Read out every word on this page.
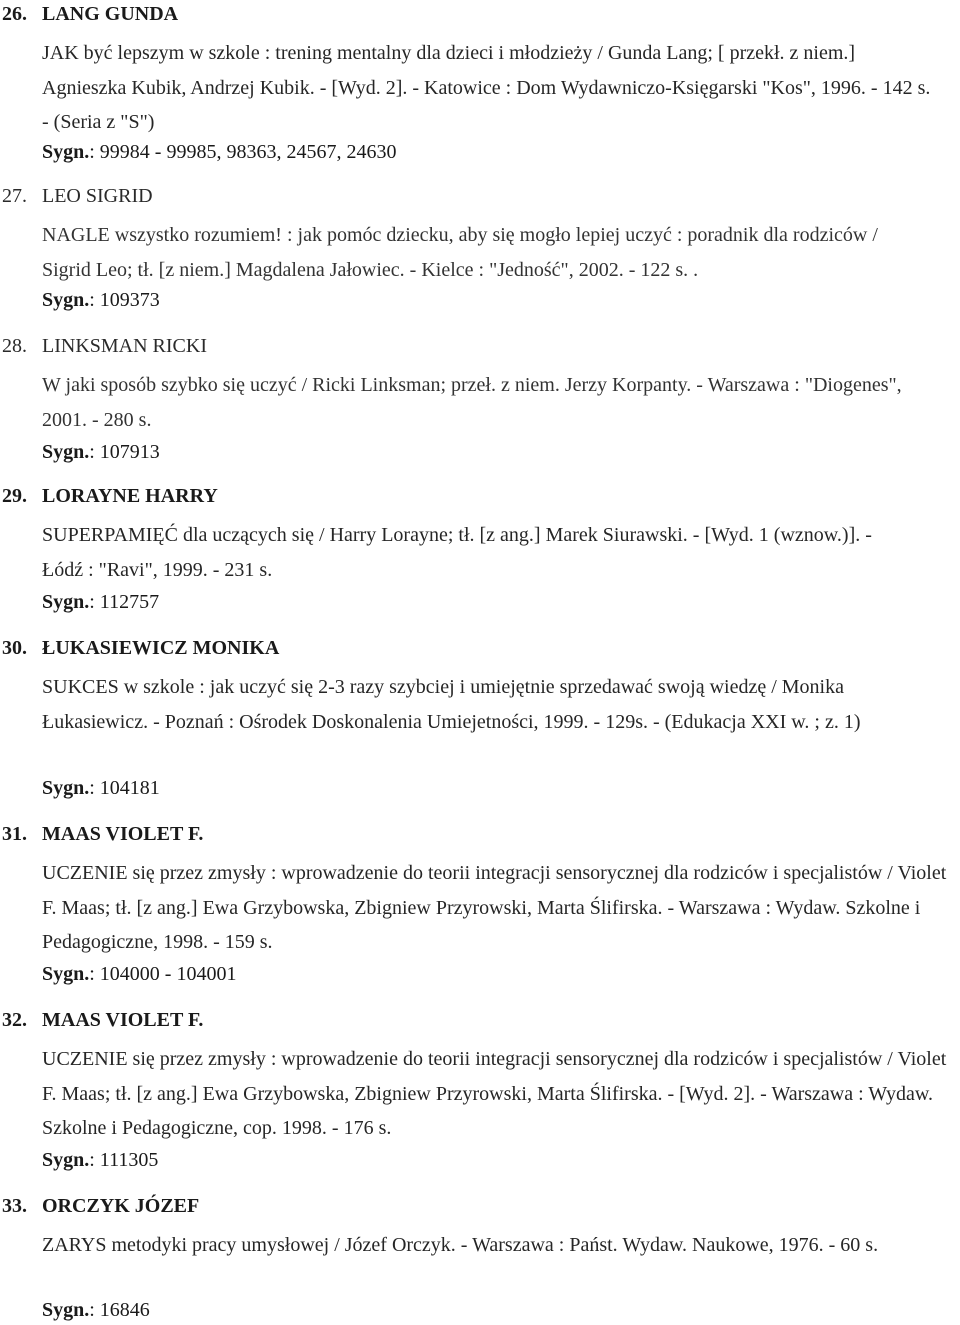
26. LANG GUNDA
JAK być lepszym w szkole : trening mentalny dla dzieci i młodzieży / Gunda Lang; [ przekł. z niem.] Agnieszka Kubik, Andrzej Kubik. - [Wyd. 2]. - Katowice : Dom Wydawniczo-Księgarski "Kos", 1996. - 142 s. - (Seria z "S")
Sygn.: 99984 - 99985, 98363, 24567, 24630
27. LEO SIGRID
NAGLE wszystko rozumiem! : jak pomóc dziecku, aby się mogło lepiej uczyć : poradnik dla rodziców / Sigrid Leo; tł. [z niem.] Magdalena Jałowiec. - Kielce : "Jedność", 2002. - 122 s. .
Sygn.: 109373
28. LINKSMAN RICKI
W jaki sposób szybko się uczyć / Ricki Linksman; przeł. z niem. Jerzy Korpanty. - Warszawa : "Diogenes", 2001. - 280 s.
Sygn.: 107913
29. LORAYNE HARRY
SUPERPAMIĘĆ dla uczących się / Harry Lorayne; tł. [z ang.] Marek Siurawski. - [Wyd. 1 (wznow.)]. - Łódź : "Ravi", 1999. - 231 s.
Sygn.: 112757
30. ŁUKASIEWICZ MONIKA
SUKCES w szkole : jak uczyć się 2-3 razy szybciej i umiejętnie sprzedawać swoją wiedzę / Monika Łukasiewicz. - Poznań : Ośrodek Doskonalenia Umiejetności, 1999. - 129s. - (Edukacja XXI w. ; z. 1)
Sygn.: 104181
31. MAAS VIOLET F.
UCZENIE się przez zmysły : wprowadzenie do teorii integracji sensorycznej dla rodziców i specjalistów / Violet F. Maas; tł. [z ang.] Ewa Grzybowska, Zbigniew Przyrowski, Marta Ślifirska. - Warszawa : Wydaw. Szkolne i Pedagogiczne, 1998. - 159 s.
Sygn.: 104000 - 104001
32. MAAS VIOLET F.
UCZENIE się przez zmysły : wprowadzenie do teorii integracji sensorycznej dla rodziców i specjalistów / Violet F. Maas; tł. [z ang.] Ewa Grzybowska, Zbigniew Przyrowski, Marta Ślifirska. - [Wyd. 2]. - Warszawa : Wydaw. Szkolne i Pedagogiczne, cop. 1998. - 176 s.
Sygn.: 111305
33. ORCZYK JÓZEF
ZARYS metodyki pracy umysłowej / Józef Orczyk. - Warszawa : Państ. Wydaw. Naukowe, 1976. - 60 s.
Sygn.: 16846
